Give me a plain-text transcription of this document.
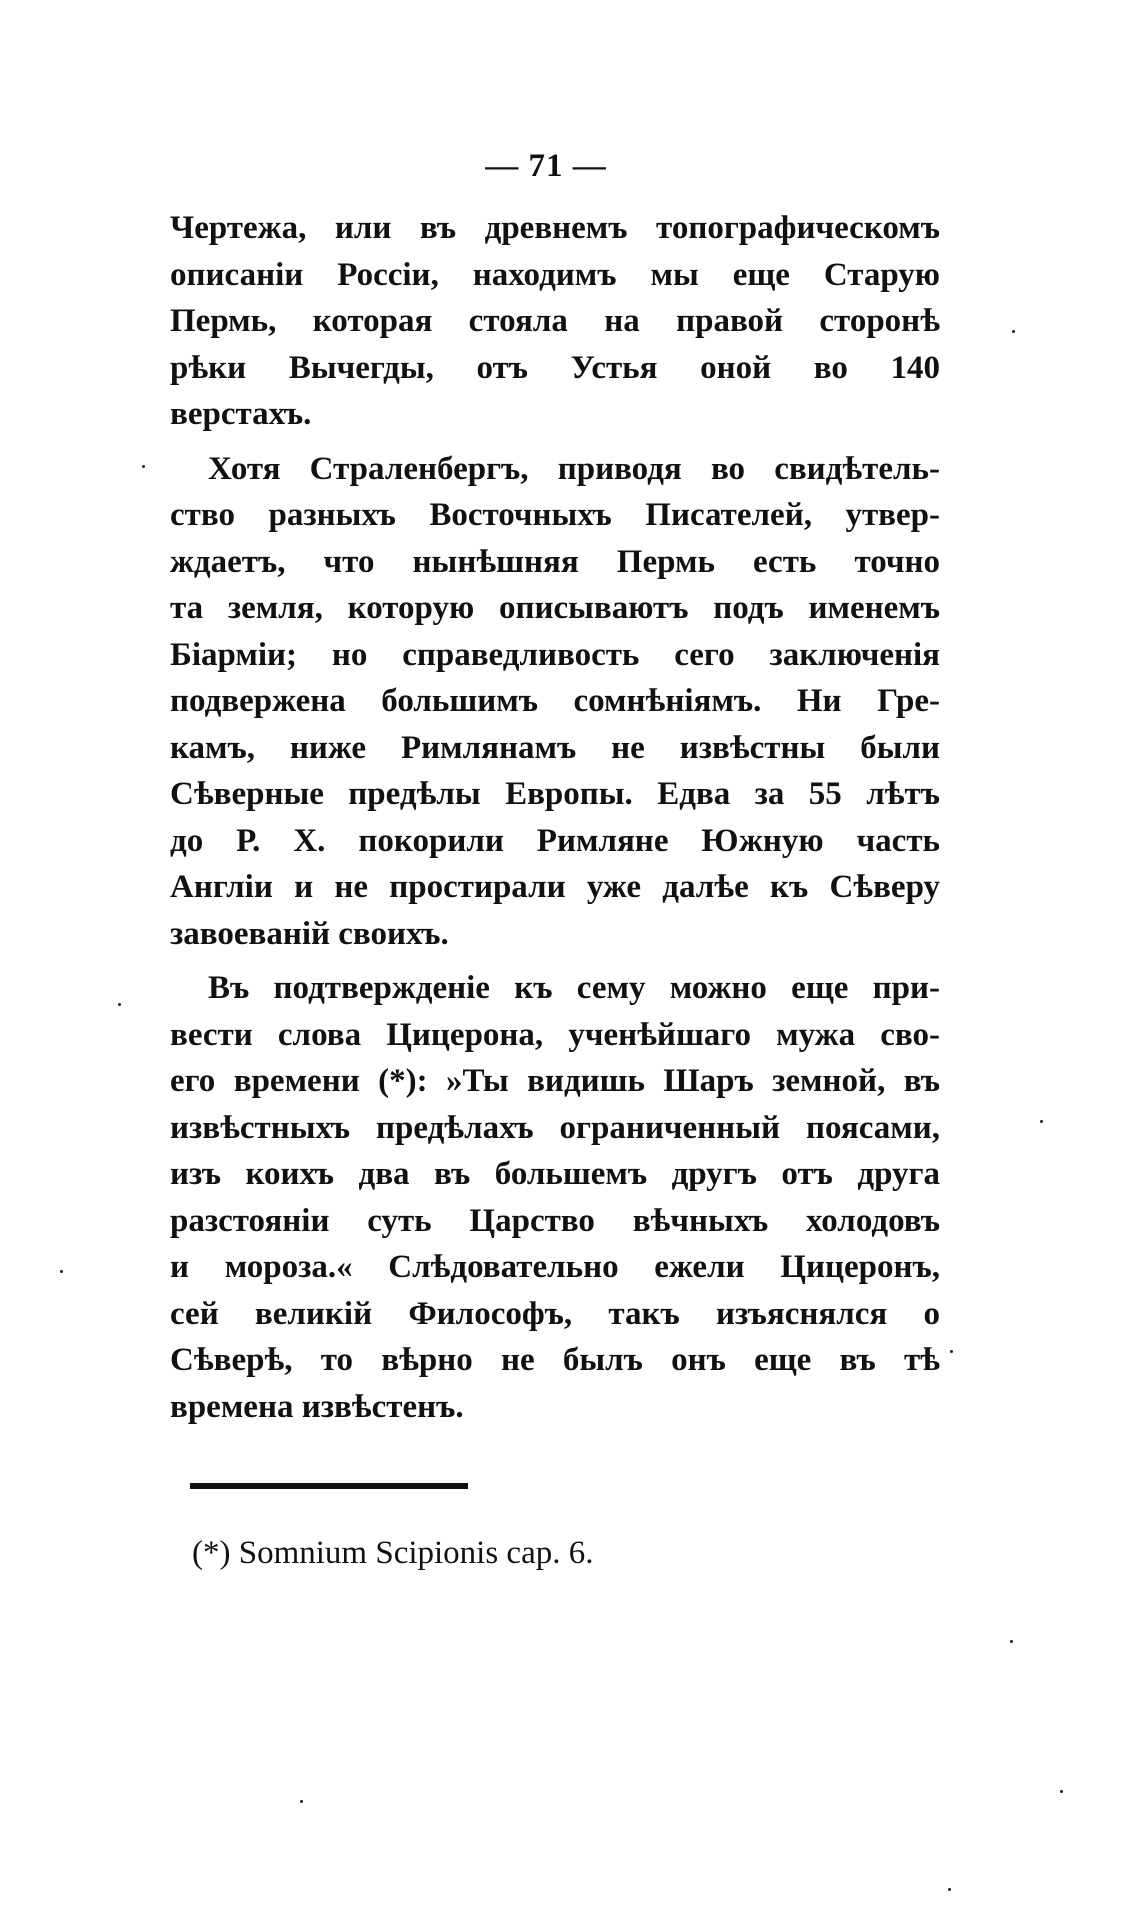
— 71 —
Чертежа, или въ древнемъ топографическомъ
описаніи Россіи, находимъ мы еще Старую
Пермь, которая стояла на правой сторонѣ
рѣки Вычегды, отъ Устья оной во 140
верстахъ.
Хотя Страленбергъ, приводя во свидѣтель-
ство разныхъ Восточныхъ Писателей, утвер-
ждаетъ, что нынѣшняя Пермь есть точно
та земля, которую описываютъ подъ именемъ
Біарміи; но справедливость сего заключенія
подвержена большимъ сомнѣніямъ. Ни Гре-
камъ, ниже Римлянамъ не извѣстны были
Сѣверные предѣлы Европы. Едва за 55 лѣтъ
до Р. Х. покорили Римляне Южную часть
Англіи и не простирали уже далѣе къ Сѣверу
завоеваній своихъ.
Въ подтвержденіе къ сему можно еще при-
вести слова Цицерона, ученѣйшаго мужа сво-
его времени (*): »Ты видишь Шаръ земной, въ
извѣстныхъ предѣлахъ ограниченный поясами,
изъ коихъ два въ большемъ другъ отъ друга
разстояніи суть Царство вѣчныхъ холодовъ
и мороза.« Слѣдовательно ежели Цицеронъ,
сей великій Философъ, такъ изъяснялся о
Сѣверѣ, то вѣрно не былъ онъ еще въ тѣ
времена извѣстенъ.
(*) Somnium Scipionis cap. 6.
